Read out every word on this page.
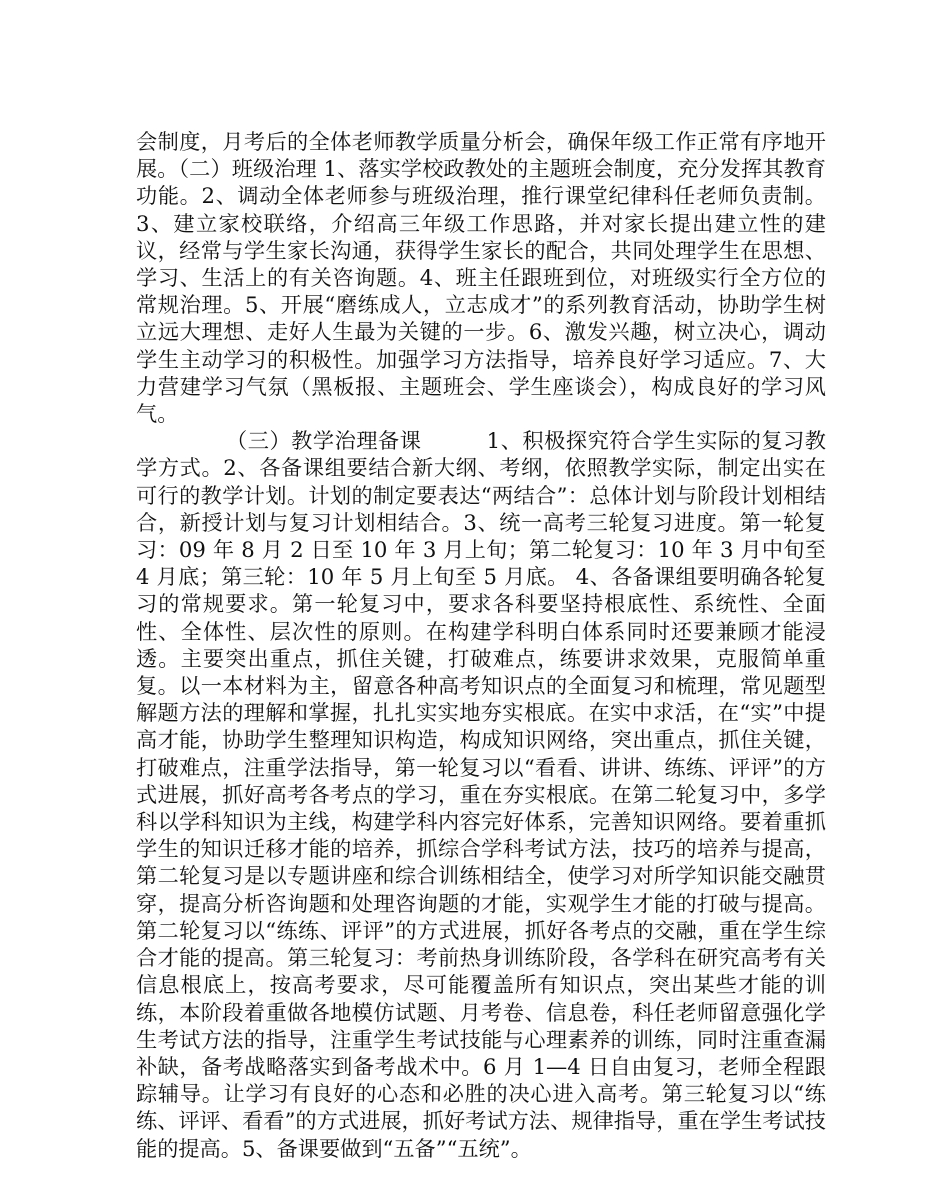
会制度，月考后的全体老师教学质量分析会，确保年级工作正常有序地开展。（二）班级治理 1、落实学校政教处的主题班会制度，充分发挥其教育功能。2、调动全体老师参与班级治理，推行课堂纪律科任老师负责制。3、建立家校联络，介绍高三年级工作思路，并对家长提出建立性的建议，经常与学生家长沟通，获得学生家长的配合，共同处理学生在思想、学习、生活上的有关咨询题。4、班主任跟班到位，对班级实行全方位的常规治理。5、开展“磨练成人，立志成才”的系列教育活动，协助学生树立远大理想、走好人生最为关键的一步。6、激发兴趣，树立决心，调动学生主动学习的积极性。加强学习方法指导，培养良好学习适应。7、大力营建学习气氛（黑板报、主题班会、学生座谈会），构成良好的学习风气。

（三）教学治理备课　　　1、积极探究符合学生实际的复习教学方式。2、各备课组要结合新大纲、考纲，依照教学实际，制定出实在可行的教学计划。计划的制定要表达“两结合”：总体计划与阶段计划相结合，新授计划与复习计划相结合。3、统一高考三轮复习进度。第一轮复习：09 年 8 月 2 日至 10 年 3 月上旬；第二轮复习：10 年 3 月中旬至 4 月底；第三轮：10 年 5 月上旬至 5 月底。 4、各备课组要明确各轮复习的常规要求。第一轮复习中，要求各科要坚持根底性、系统性、全面性、全体性、层次性的原则。在构建学科明白体系同时还要兼顾才能浸透。主要突出重点，抓住关键，打破难点，练要讲求效果，克服简单重复。以一本材料为主，留意各种高考知识点的全面复习和梳理，常见题型解题方法的理解和掌握，扎扎实实地夯实根底。在实中求活，在“实”中提高才能，协助学生整理知识构造，构成知识网络，突出重点，抓住关键，打破难点，注重学法指导，第一轮复习以“看看、讲讲、练练、评评”的方式进展，抓好高考各考点的学习，重在夯实根底。在第二轮复习中，多学科以学科知识为主线，构建学科内容完好体系，完善知识网络。要着重抓学生的知识迁移才能的培养，抓综合学科考试方法，技巧的培养与提高，第二轮复习是以专题讲座和综合训练相结全，使学习对所学知识能交融贯穿，提高分析咨询题和处理咨询题的才能，实观学生才能的打破与提高。第二轮复习以“练练、评评”的方式进展，抓好各考点的交融，重在学生综合才能的提高。第三轮复习：考前热身训练阶段，各学科在研究高考有关信息根底上，按高考要求，尽可能覆盖所有知识点，突出某些才能的训练，本阶段着重做各地模仿试题、月考卷、信息卷，科任老师留意强化学生考试方法的指导，注重学生考试技能与心理素养的训练，同时注重查漏补缺，备考战略落实到备考战术中。6 月 1—4 日自由复习，老师全程跟踪辅导。让学习有良好的心态和必胜的决心进入高考。第三轮复习以“练练、评评、看看”的方式进展，抓好考试方法、规律指导，重在学生考试技能的提高。5、备课要做到“五备”“五统”。
